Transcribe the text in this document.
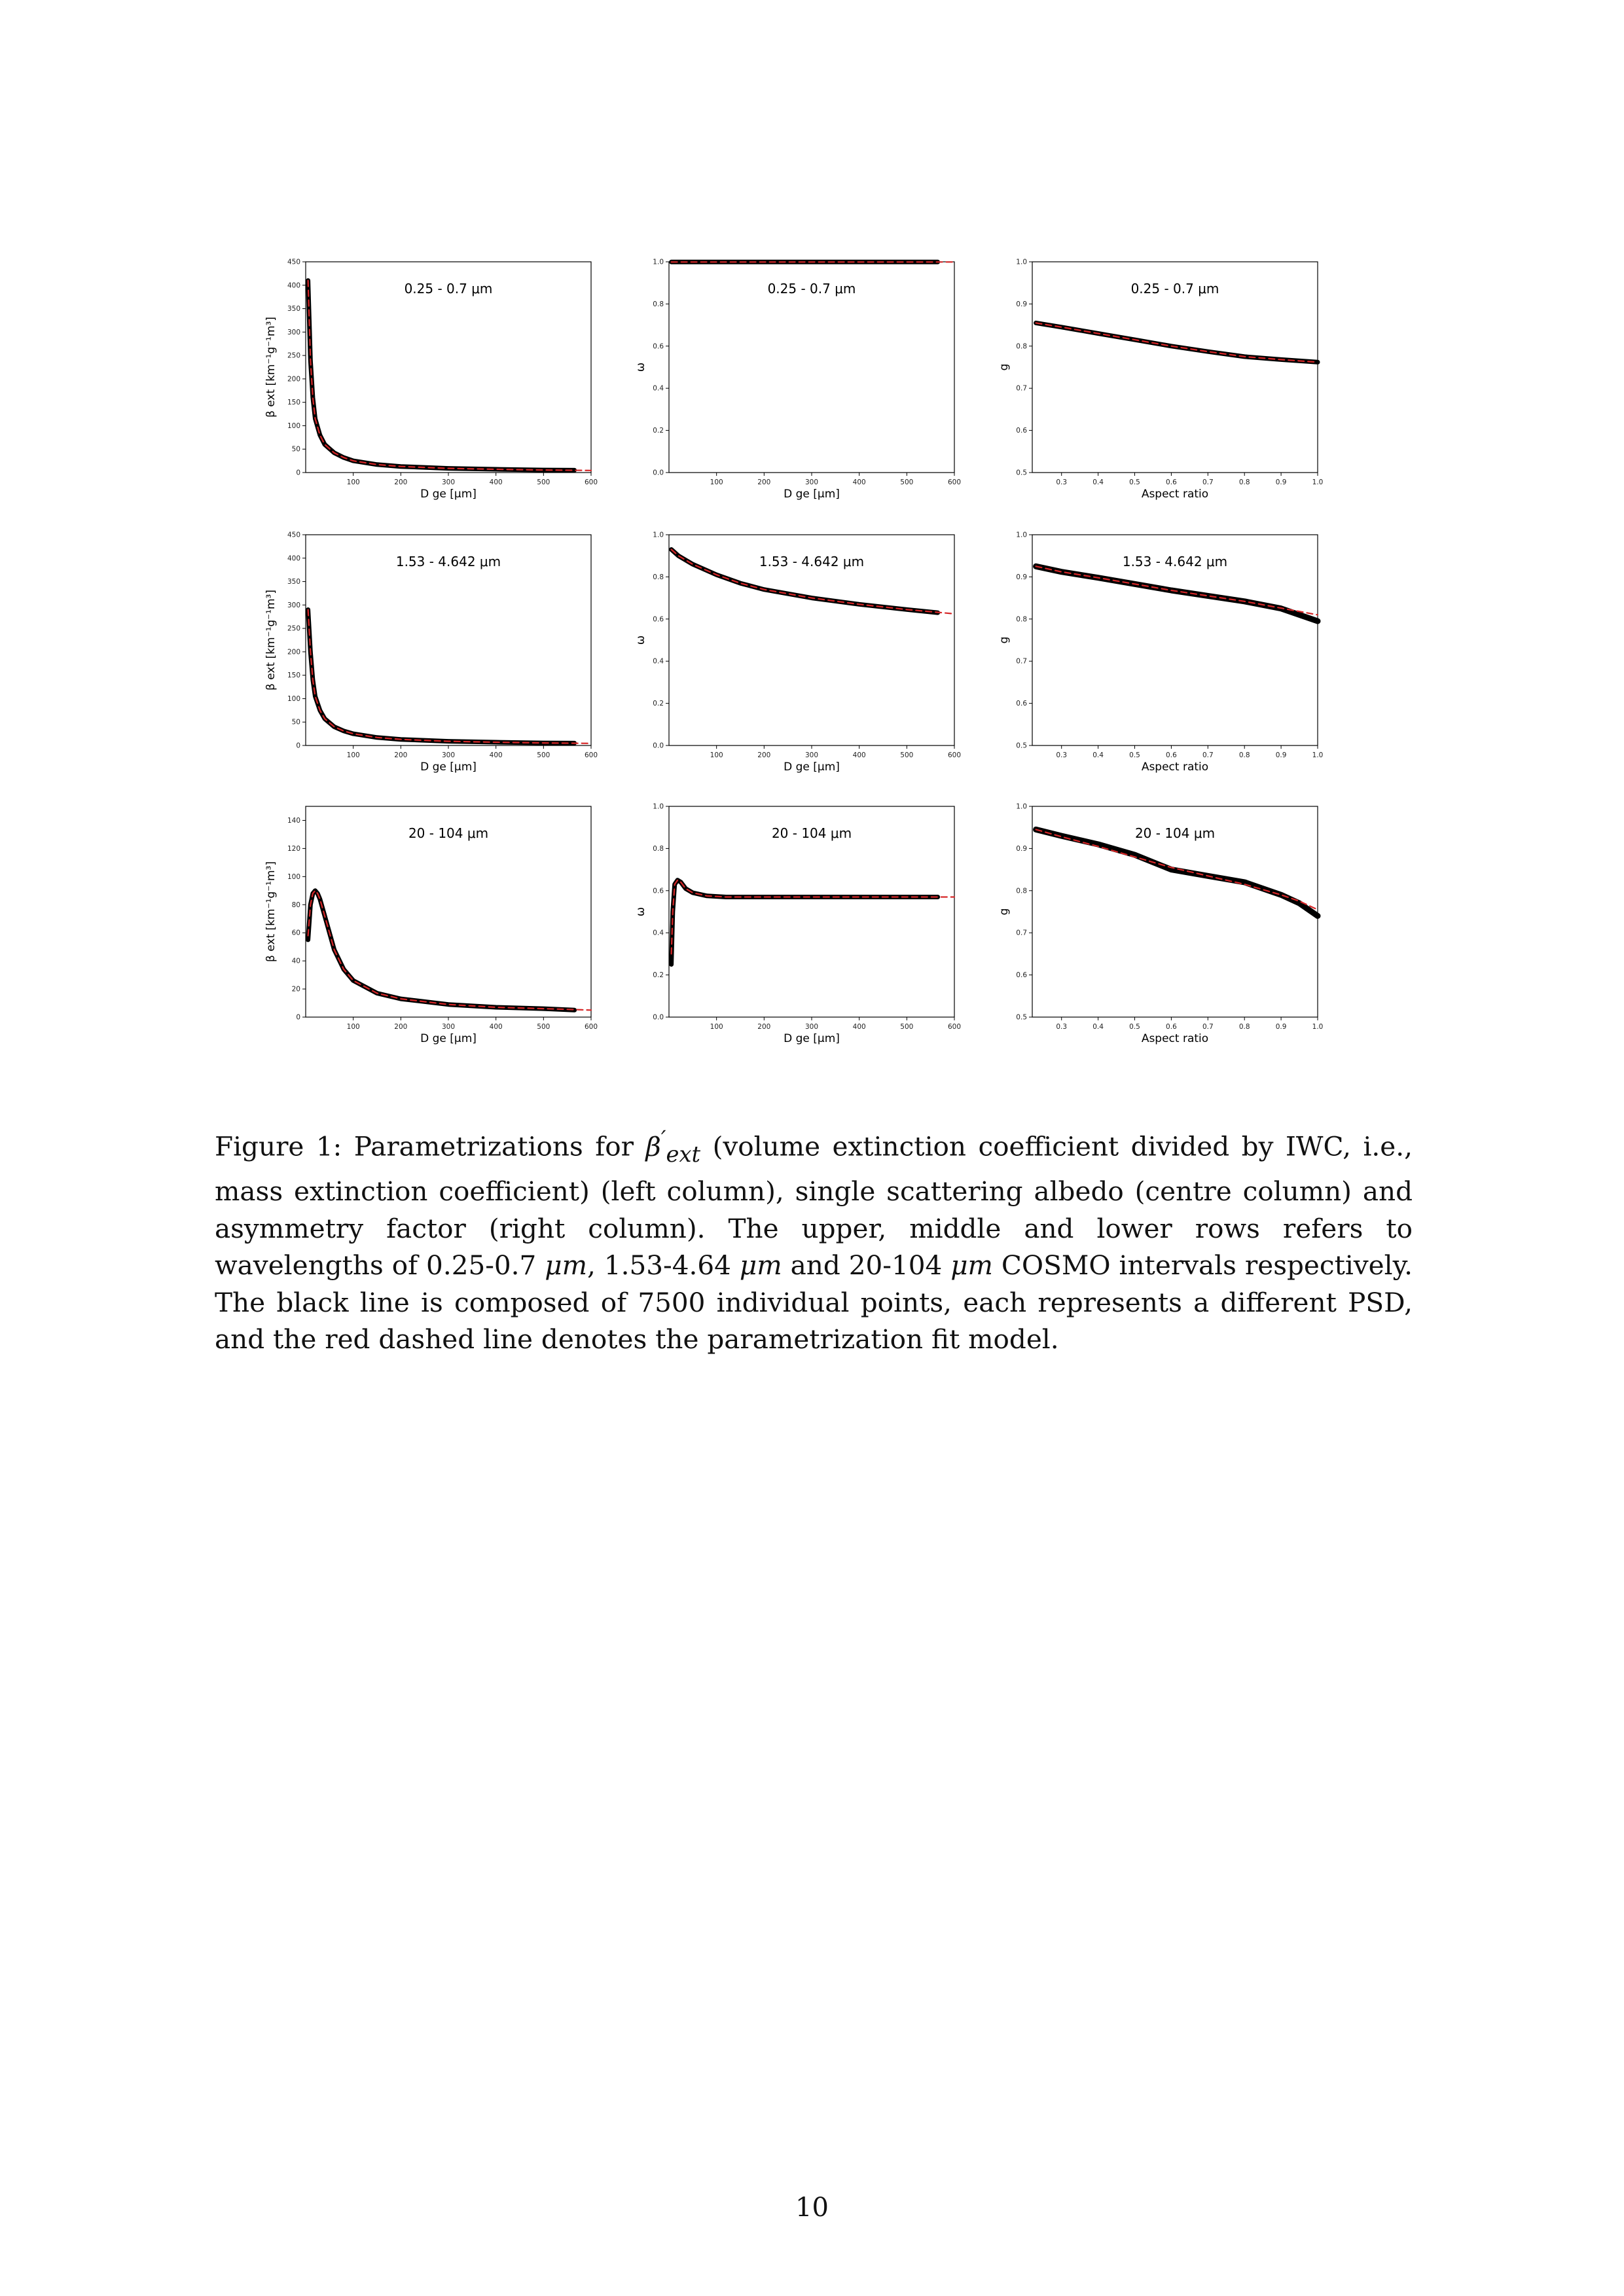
0
50
100
150
200
250
300
350
400
450
100	200	300	400	500	600
0.25 - 0.7 μm
D ge [μm]
β ext [km⁻¹g⁻¹m³]
0.0
0.2
0.4
0.6
0.8
1.0
100	200	300	400	500	600
0.25 - 0.7 μm
D ge [μm]
ω
0.5
0.6
0.7
0.8
0.9
1.0
0.3	0.4	0.5	0.6	0.7	0.8	0.9	1.0
0.25 - 0.7 μm
Aspect ratio
g
0
50
100
150
200
250
300
350
400
450
100	200	300	400	500	600
1.53 - 4.642 μm
D ge [μm]
β ext [km⁻¹g⁻¹m³]
0.0
0.2
0.4
0.6
0.8
1.0
100	200	300	400	500	600
1.53 - 4.642 μm
D ge [μm]
ω
0.5
0.6
0.7
0.8
0.9
1.0
0.3	0.4	0.5	0.6	0.7	0.8	0.9	1.0
1.53 - 4.642 μm
Aspect ratio
g
0
20
40
60
80
100
120
140
100	200	300	400	500	600
20 - 104 μm
D ge [μm]
β ext [km⁻¹g⁻¹m³]
0.0
0.2
0.4
0.6
0.8
1.0
100	200	300	400	500	600
20 - 104 μm
D ge [μm]
ω
0.5
0.6
0.7
0.8
0.9
1.0
0.3	0.4	0.5	0.6	0.7	0.8	0.9	1.0
20 - 104 μm
Aspect ratio
g
Figure 1: Parametrizations for $\beta'_{ext}$ (volume extinction coefficient divided by IWC, i.e., mass extinction coefficient) (left column), single scattering albedo (centre column) and asymmetry factor (right column). The upper, middle and lower rows refers to wavelengths of 0.25-0.7 μm, 1.53-4.64 μm and 20-104 μm COSMO intervals respectively. The black line is composed of 7500 individual points, each represents a different PSD, and the red dashed line denotes the parametrization fit model.
10
